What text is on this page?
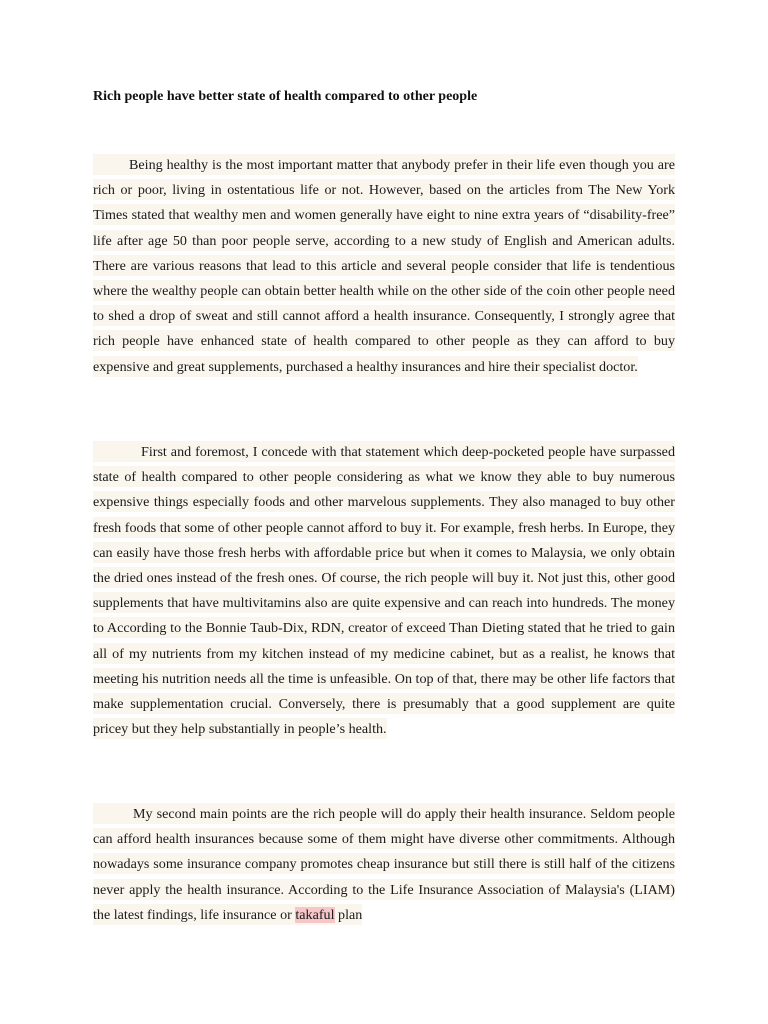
Rich people have better state of health compared to other people

Being healthy is the most important matter that anybody prefer in their life even though you are rich or poor, living in ostentatious life or not. However, based on the articles from The New York Times stated that wealthy men and women generally have eight to nine extra years of “disability-free” life after age 50 than poor people serve, according to a new study of English and American adults. There are various reasons that lead to this article and several people consider that life is tendentious where the wealthy people can obtain better health while on the other side of the coin other people need to shed a drop of sweat and still cannot afford a health insurance. Consequently, I strongly agree that rich people have enhanced state of health compared to other people as they can afford to buy expensive and great supplements, purchased a healthy insurances and hire their specialist doctor.

First and foremost, I concede with that statement which deep-pocketed people have surpassed state of health compared to other people considering as what we know they able to buy numerous expensive things especially foods and other marvelous supplements. They also managed to buy other fresh foods that some of other people cannot afford to buy it. For example, fresh herbs. In Europe, they can easily have those fresh herbs with affordable price but when it comes to Malaysia, we only obtain the dried ones instead of the fresh ones. Of course, the rich people will buy it. Not just this, other good supplements that have multivitamins also are quite expensive and can reach into hundreds. The money to According to the Bonnie Taub-Dix, RDN, creator of exceed Than Dieting stated that he tried to gain all of my nutrients from my kitchen instead of my medicine cabinet, but as a realist, he knows that meeting his nutrition needs all the time is unfeasible. On top of that, there may be other life factors that make supplementation crucial. Conversely, there is presumably that a good supplement are quite pricey but they help substantially in people’s health.

My second main points are the rich people will do apply their health insurance. Seldom people can afford health insurances because some of them might have diverse other commitments. Although nowadays some insurance company promotes cheap insurance but still there is still half of the citizens never apply the health insurance. According to the Life Insurance Association of Malaysia's (LIAM) the latest findings, life insurance or takaful plan
